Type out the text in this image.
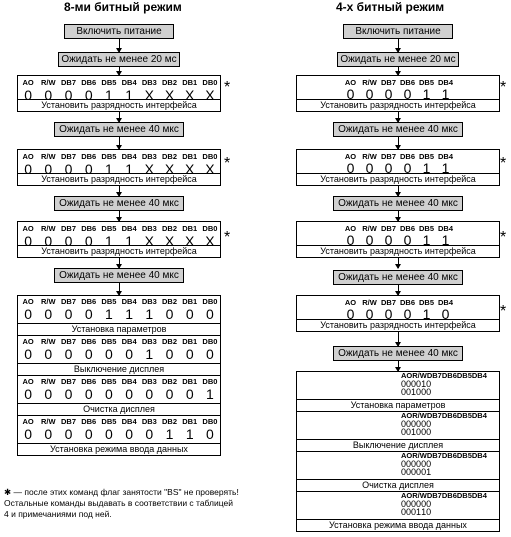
8-ми битный режим	4-х битный режим
Включить питание
Ожидать не менее 20 мс
AO R/W DB7 DB6 DB5 DB4 DB3 DB2 DB1 DB0
0 0 0 0 1 1 X X X X
Установить разрядность интерфейса
*
Ожидать не менее 40 мкс
AO R/W DB7 DB6 DB5 DB4 DB3 DB2 DB1 DB0
0 0 0 0 1 1 X X X X
Установить разрядность интерфейса
*
Ожидать не менее 40 мкс
AO R/W DB7 DB6 DB5 DB4 DB3 DB2 DB1 DB0
0 0 0 0 1 1 X X X X
Установить разрядность интерфейса
*
Ожидать не менее 40 мкс
AO R/W DB7 DB6 DB5 DB4 DB3 DB2 DB1 DB0
0 0 0 0 1 1 1 0 0 0
Установка параметров
AO R/W DB7 DB6 DB5 DB4 DB3 DB2 DB1 DB0
0 0 0 0 0 0 1 0 0 0
Выключение дисплея
AO R/W DB7 DB6 DB5 DB4 DB3 DB2 DB1 DB0
0 0 0 0 0 0 0 0 0 1
Очистка дисплея
AO R/W DB7 DB6 DB5 DB4 DB3 DB2 DB1 DB0
0 0 0 0 0 0 0 1 1 0
Установка режима ввода данных
Включить питание
Ожидать не менее 20 мс
AO R/W DB7 DB6 DB5 DB4
0 0 0 0 1 1
Установить разрядность интерфейса
*
Ожидать не менее 40 мкс
AO R/W DB7 DB6 DB5 DB4
0 0 0 0 1 1
Установить разрядность интерфейса
*
Ожидать не менее 40 мкс
AO R/W DB7 DB6 DB5 DB4
0 0 0 0 1 1
Установить разрядность интерфейса
*
Ожидать не менее 40 мкс
AO R/W DB7 DB6 DB5 DB4
0 0 0 0 1 0
Установить разрядность интерфейса
*
Ожидать не менее 40 мкс
AO R/W DB7 DB6 DB5 DB4
0 0 0 0 1 0
0 0 1 0 0 0
Установка параметров
AO R/W DB7 DB6 DB5 DB4
0 0 0 0 0 0
0 0 1 0 0 0
Выключение дисплея
AO R/W DB7 DB6 DB5 DB4
0 0 0 0 0 0
0 0 0 0 0 1
Очистка дисплея
AO R/W DB7 DB6 DB5 DB4
0 0 0 0 0 0
0 0 0 1 1 0
Установка режима ввода данных
✱ — после этих команд флаг занятости "BS" не проверять! Остальные команды выдавать в соответствии с таблицей 4 и примечаниями под ней.
